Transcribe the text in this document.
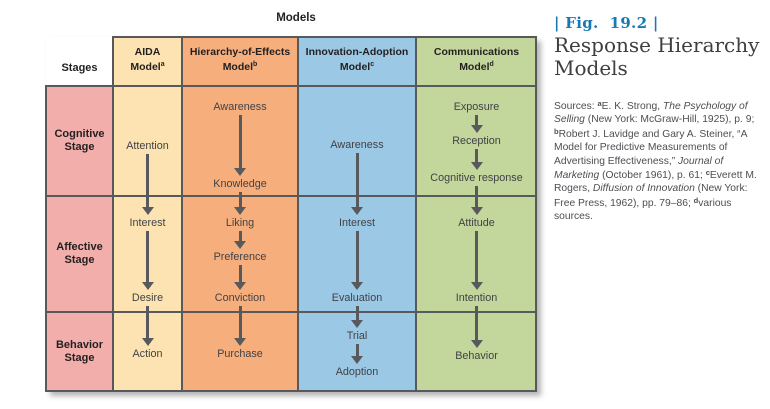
Models
Stages
AIDA
Model$^a$
Attention
Interest
Desire
Action
Hierarchy-of-Effects
Model$^b$
Awareness
Knowledge
Liking
Preference
Conviction
Purchase
Innovation-Adoption
Model$^c$
Awareness
Interest
Evaluation
Trial
Adoption
Communications
Model$^d$
Exposure
Reception
Cognitive response
Attitude
Intention
Behavior
Cognitive Stage
Affective Stage
Behavior Stage
| Fig.  19.2 |
Response Hierarchy Models

Sources: $^a$E. K. Strong, The Psychology of Selling (New York: McGraw-Hill, 1925), p. 9; $^b$Robert J. Lavidge and Gary A. Steiner, “A Model for Predictive Measurements of Advertising Effectiveness,” Journal of Marketing (October 1961), p. 61; $^c$Everett M. Rogers, Diffusion of Innovation (New York: Free Press, 1962), pp. 79–86; $^d$various sources.
